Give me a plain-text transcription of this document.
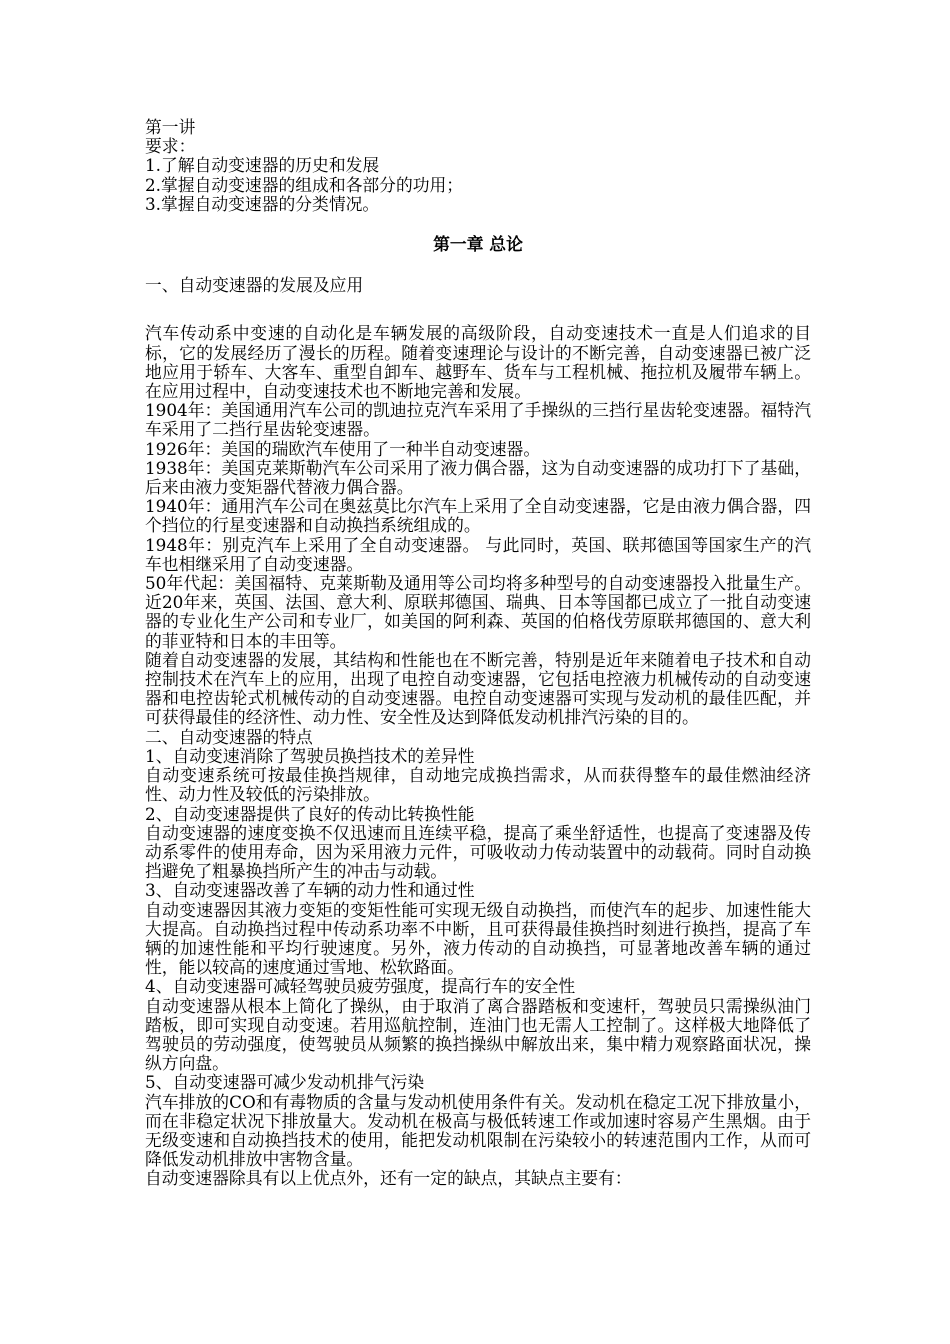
第一讲
要求：
1.了解自动变速器的历史和发展
2.掌握自动变速器的组成和各部分的功用；
3.掌握自动变速器的分类情况。
第一章 总论
一、自动变速器的发展及应用

汽车传动系中变速的自动化是车辆发展的高级阶段，自动变速技术一直是人们追求的目标，它的发展经历了漫长的历程。随着变速理论与设计的不断完善，自动变速器已被广泛地应用于轿车、大客车、重型自卸车、越野车、货车与工程机械、拖拉机及履带车辆上。在应用过程中，自动变速技术也不断地完善和发展。

1904年：美国通用汽车公司的凯迪拉克汽车采用了手操纵的三挡行星齿轮变速器。福特汽车采用了二挡行星齿轮变速器。

1926年：美国的瑞欧汽车使用了一种半自动变速器。

1938年：美国克莱斯勒汽车公司采用了液力偶合器，这为自动变速器的成功打下了基础，后来由液力变矩器代替液力偶合器。

1940年：通用汽车公司在奥兹莫比尔汽车上采用了全自动变速器，它是由液力偶合器，四个挡位的行星变速器和自动换挡系统组成的。

1948年：别克汽车上采用了全自动变速器。 与此同时，英国、联邦德国等国家生产的汽车也相继采用了自动变速器。

50年代起：美国福特、克莱斯勒及通用等公司均将多种型号的自动变速器投入批量生产。近20年来，英国、法国、意大利、原联邦德国、瑞典、日本等国都已成立了一批自动变速器的专业化生产公司和专业厂，如美国的阿利森、英国的伯格伐劳原联邦德国的、意大利的菲亚特和日本的丰田等。

随着自动变速器的发展，其结构和性能也在不断完善，特别是近年来随着电子技术和自动控制技术在汽车上的应用，出现了电控自动变速器，它包括电控液力机械传动的自动变速器和电控齿轮式机械传动的自动变速器。电控自动变速器可实现与发动机的最佳匹配，并可获得最佳的经济性、动力性、安全性及达到降低发动机排汽污染的目的。

二、自动变速器的特点
1、自动变速消除了驾驶员换挡技术的差异性

自动变速系统可按最佳换挡规律，自动地完成换挡需求，从而获得整车的最佳燃油经济性、动力性及较低的污染排放。

2、自动变速器提供了良好的传动比转换性能

自动变速器的速度变换不仅迅速而且连续平稳，提高了乘坐舒适性，也提高了变速器及传动系零件的使用寿命，因为采用液力元件，可吸收动力传动装置中的动载荷。同时自动换挡避免了粗暴换挡所产生的冲击与动载。

3、自动变速器改善了车辆的动力性和通过性

自动变速器因其液力变矩的变矩性能可实现无级自动换挡，而使汽车的起步、加速性能大大提高。自动换挡过程中传动系功率不中断，且可获得最佳换挡时刻进行换挡，提高了车辆的加速性能和平均行驶速度。另外，液力传动的自动换挡，可显著地改善车辆的通过性，能以较高的速度通过雪地、松软路面。

4、自动变速器可减轻驾驶员疲劳强度，提高行车的安全性

自动变速器从根本上简化了操纵，由于取消了离合器踏板和变速杆，驾驶员只需操纵油门踏板，即可实现自动变速。若用巡航控制，连油门也无需人工控制了。这样极大地降低了驾驶员的劳动强度，使驾驶员从频繁的换挡操纵中解放出来，集中精力观察路面状况，操纵方向盘。

5、自动变速器可减少发动机排气污染

汽车排放的CO和有毒物质的含量与发动机使用条件有关。发动机在稳定工况下排放量小，而在非稳定状况下排放量大。发动机在极高与极低转速工作或加速时容易产生黑烟。由于无级变速和自动换挡技术的使用，能把发动机限制在污染较小的转速范围内工作，从而可降低发动机排放中害物含量。

自动变速器除具有以上优点外，还有一定的缺点，其缺点主要有：
